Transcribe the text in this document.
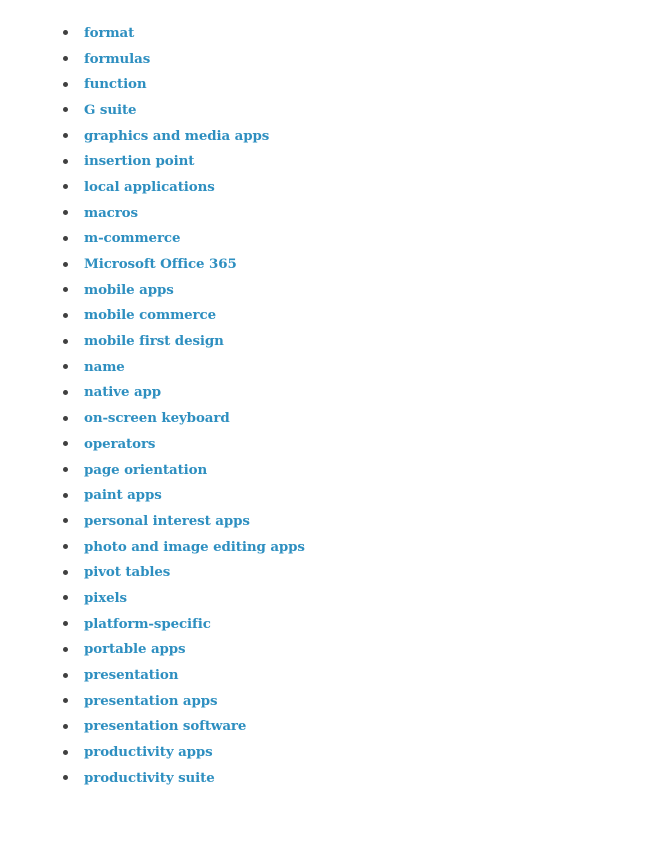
format
formulas
function
G suite
graphics and media apps
insertion point
local applications
macros
m-commerce
Microsoft Office 365
mobile apps
mobile commerce
mobile first design
name
native app
on-screen keyboard
operators
page orientation
paint apps
personal interest apps
photo and image editing apps
pivot tables
pixels
platform-specific
portable apps
presentation
presentation apps
presentation software
productivity apps
productivity suite
